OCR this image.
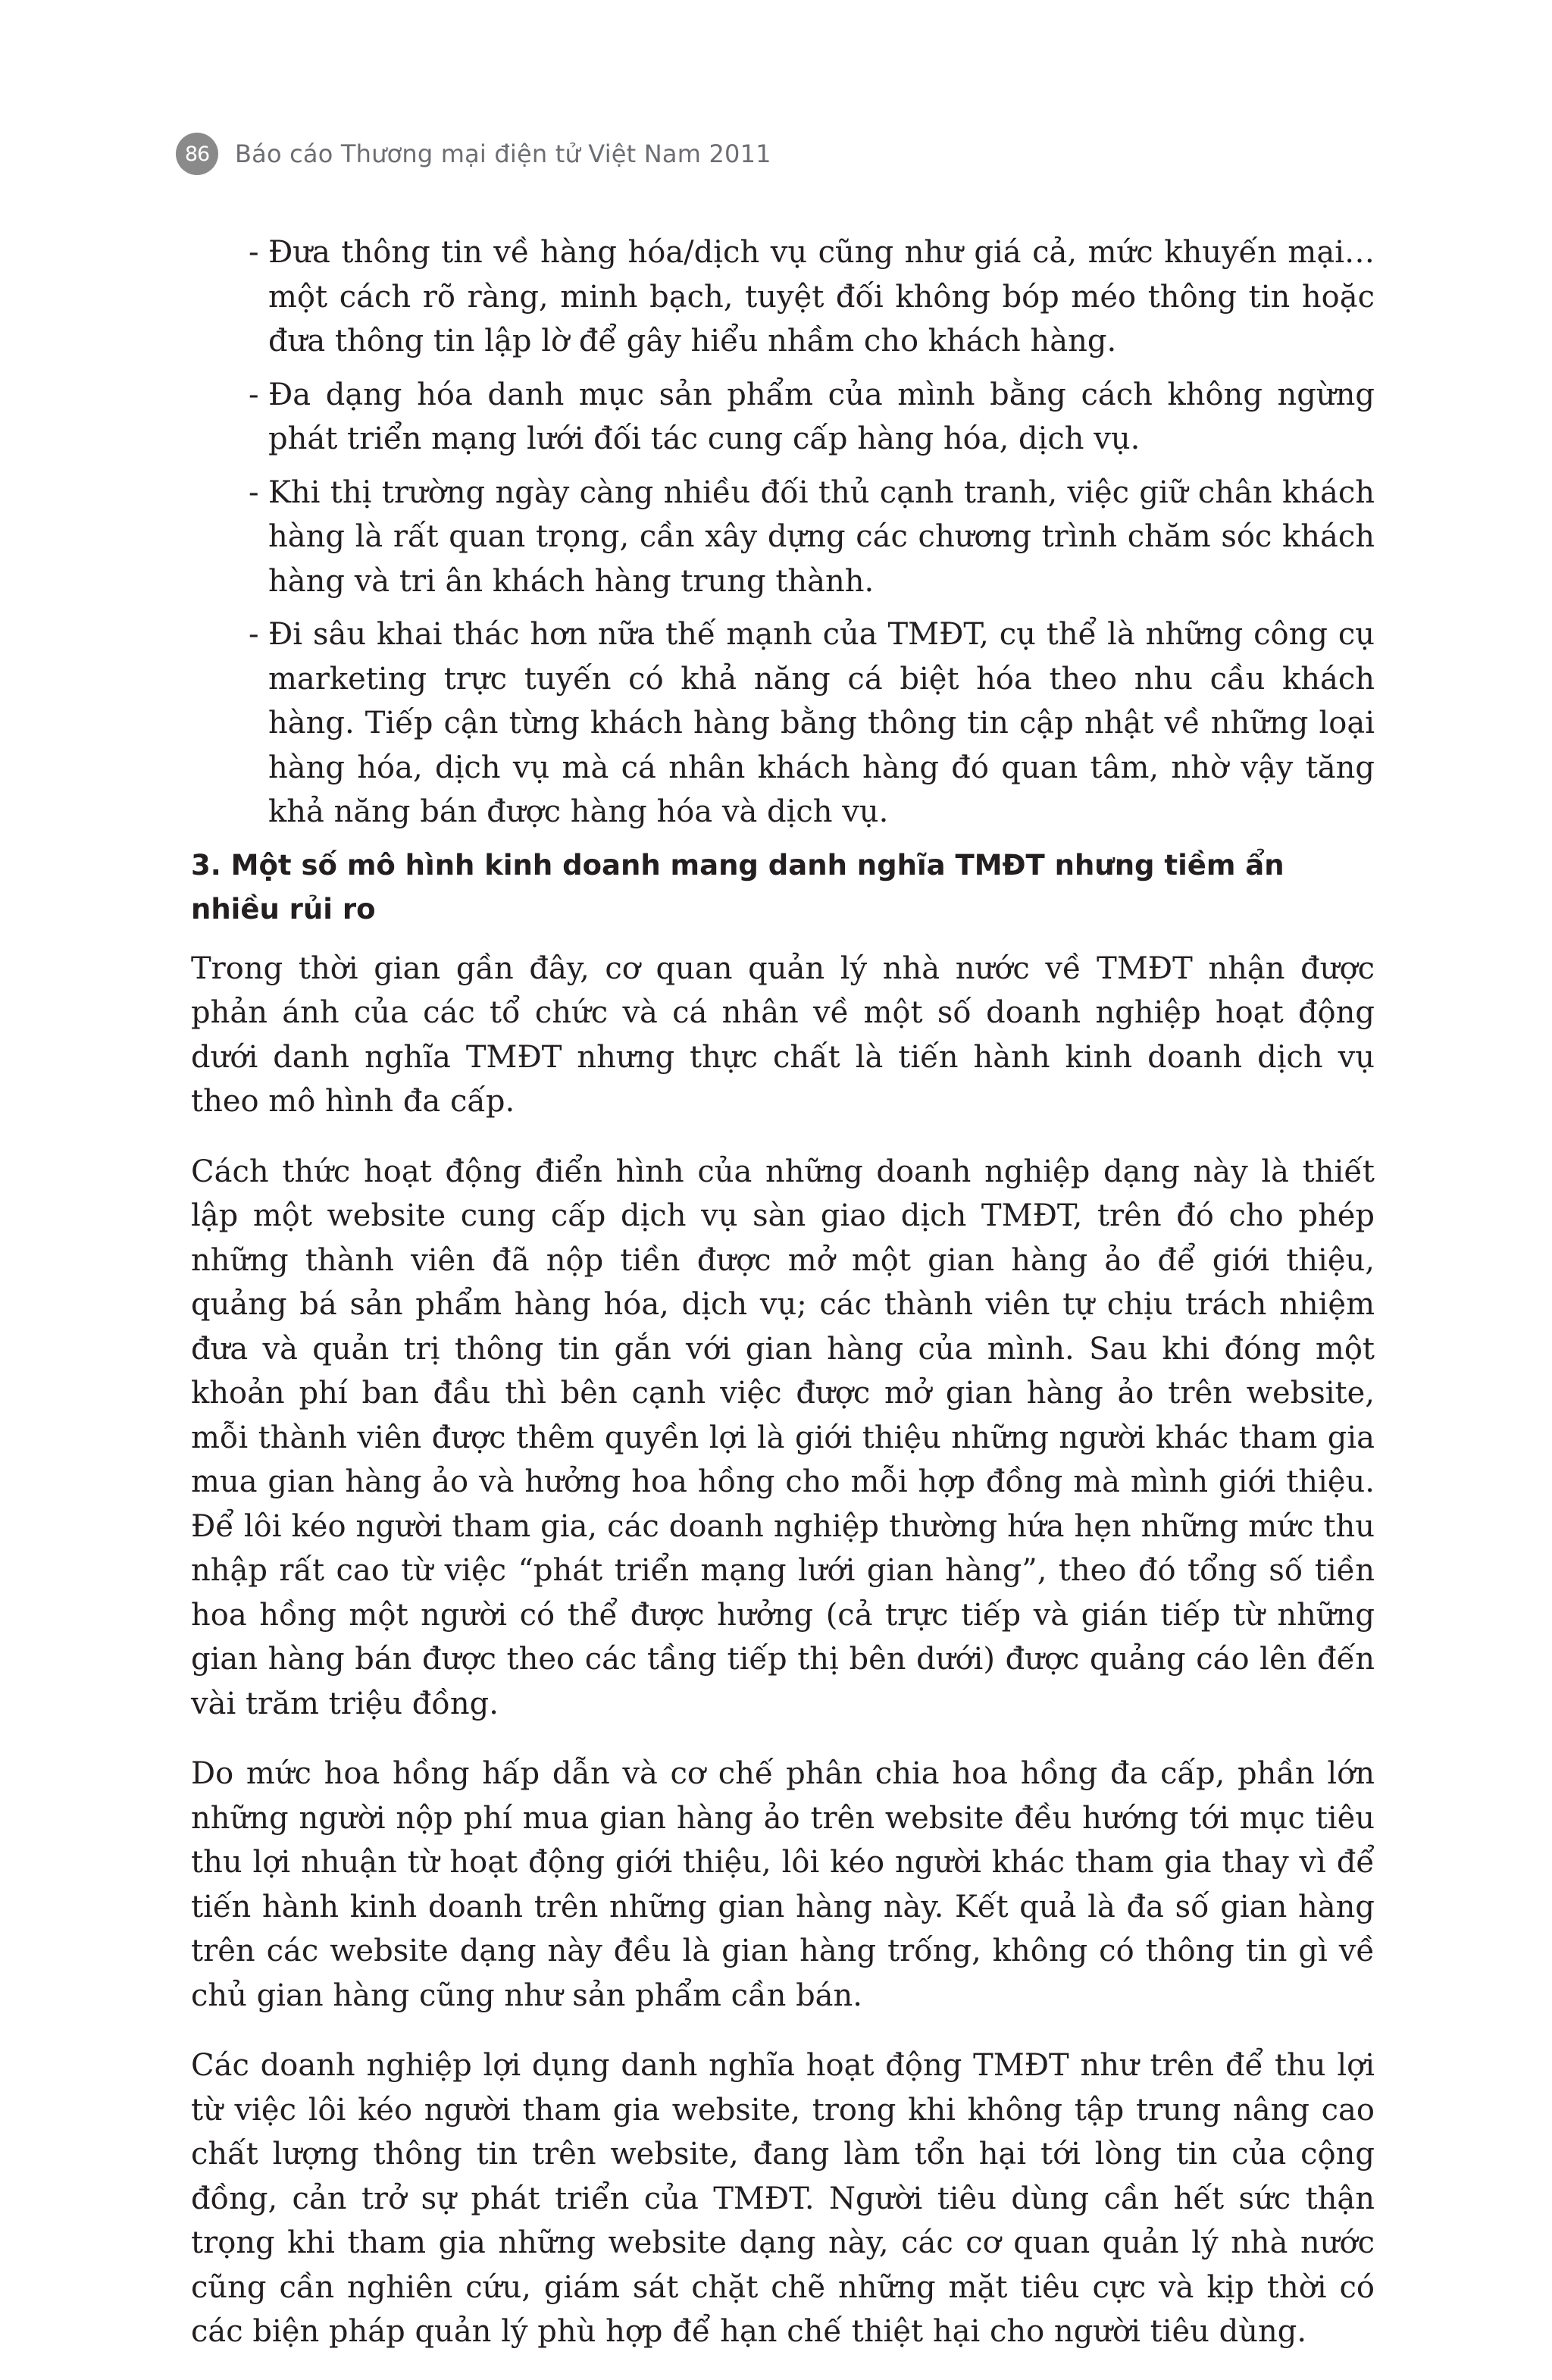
86	Báo cáo Thương mại điện tử Việt Nam 2011
- Đưa thông tin về hàng hóa/dịch vụ cũng như giá cả, mức khuyến mại… một cách rõ ràng, minh bạch, tuyệt đối không bóp méo thông tin hoặc đưa thông tin lập lờ để gây hiểu nhầm cho khách hàng.
- Đa dạng hóa danh mục sản phẩm của mình bằng cách không ngừng phát triển mạng lưới đối tác cung cấp hàng hóa, dịch vụ.
- Khi thị trường ngày càng nhiều đối thủ cạnh tranh, việc giữ chân khách hàng là rất quan trọng, cần xây dựng các chương trình chăm sóc khách hàng và tri ân khách hàng trung thành.
- Đi sâu khai thác hơn nữa thế mạnh của TMĐT, cụ thể là những công cụ marketing trực tuyến có khả năng cá biệt hóa theo nhu cầu khách hàng. Tiếp cận từng khách hàng bằng thông tin cập nhật về những loại hàng hóa, dịch vụ mà cá nhân khách hàng đó quan tâm, nhờ vậy tăng khả năng bán được hàng hóa và dịch vụ.
3. Một số mô hình kinh doanh mang danh nghĩa TMĐT nhưng tiềm ẩn nhiều rủi ro

Trong thời gian gần đây, cơ quan quản lý nhà nước về TMĐT nhận được phản ánh của các tổ chức và cá nhân về một số doanh nghiệp hoạt động dưới danh nghĩa TMĐT nhưng thực chất là tiến hành kinh doanh dịch vụ theo mô hình đa cấp.

Cách thức hoạt động điển hình của những doanh nghiệp dạng này là thiết lập một website cung cấp dịch vụ sàn giao dịch TMĐT, trên đó cho phép những thành viên đã nộp tiền được mở một gian hàng ảo để giới thiệu, quảng bá sản phẩm hàng hóa, dịch vụ; các thành viên tự chịu trách nhiệm đưa và quản trị thông tin gắn với gian hàng của mình. Sau khi đóng một khoản phí ban đầu thì bên cạnh việc được mở gian hàng ảo trên website, mỗi thành viên được thêm quyền lợi là giới thiệu những người khác tham gia mua gian hàng ảo và hưởng hoa hồng cho mỗi hợp đồng mà mình giới thiệu. Để lôi kéo người tham gia, các doanh nghiệp thường hứa hẹn những mức thu nhập rất cao từ việc “phát triển mạng lưới gian hàng”, theo đó tổng số tiền hoa hồng một người có thể được hưởng (cả trực tiếp và gián tiếp từ những gian hàng bán được theo các tầng tiếp thị bên dưới) được quảng cáo lên đến vài trăm triệu đồng.

Do mức hoa hồng hấp dẫn và cơ chế phân chia hoa hồng đa cấp, phần lớn những người nộp phí mua gian hàng ảo trên website đều hướng tới mục tiêu thu lợi nhuận từ hoạt động giới thiệu, lôi kéo người khác tham gia thay vì để tiến hành kinh doanh trên những gian hàng này. Kết quả là đa số gian hàng trên các website dạng này đều là gian hàng trống, không có thông tin gì về chủ gian hàng cũng như sản phẩm cần bán.

Các doanh nghiệp lợi dụng danh nghĩa hoạt động TMĐT như trên để thu lợi từ việc lôi kéo người tham gia website, trong khi không tập trung nâng cao chất lượng thông tin trên website, đang làm tổn hại tới lòng tin của cộng đồng, cản trở sự phát triển của TMĐT. Người tiêu dùng cần hết sức thận trọng khi tham gia những website dạng này, các cơ quan quản lý nhà nước cũng cần nghiên cứu, giám sát chặt chẽ những mặt tiêu cực và kịp thời có các biện pháp quản lý phù hợp để hạn chế thiệt hại cho người tiêu dùng.
